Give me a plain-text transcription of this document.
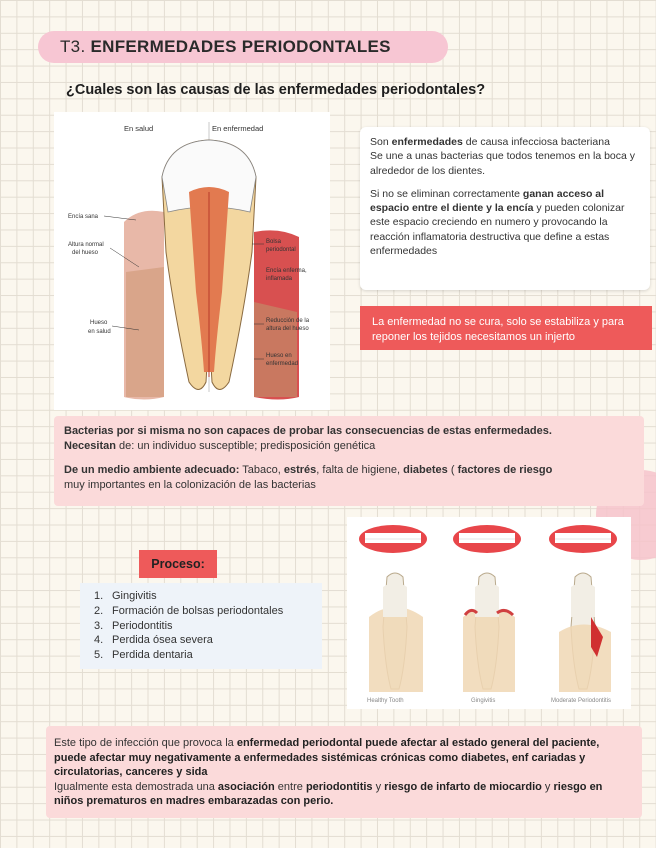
T3.
ENFERMEDADES PERIODONTALES
¿Cuales son las causas de las enfermedades periodontales?
En salud	En enfermedad
Encía sana
Altura normal
del hueso
Hueso
en salud
Bolsa
periodontal
Encía enferma,
inflamada
Reducción de la
altura del hueso
Hueso en
enfermedad

Son enfermedades de causa infecciosa bacteriana
Se une a unas bacterias que todos tenemos en la boca y alrededor de los dientes.

Si no se eliminan correctamente ganan acceso al espacio entre el diente y la encía y pueden colonizar este espacio creciendo en numero y provocando la reacción inflamatoria destructiva que define a estas enfermedades

La enfermedad no se cura, solo se estabiliza y para reponer los tejidos necesitamos un injerto

Bacterias por si misma no son capaces de probar las consecuencias de estas enfermedades.
Necesitan de: un individuo susceptible; predisposición genética

De un medio ambiente adecuado: Tabaco, estrés, falta de higiene, diabetes ( factores de riesgo
muy importantes en la colonización de las bacterias

Healthy Tooth	Gingivitis	Moderate Periodontitis
Proceso:
1. Gingivitis
2. Formación de bolsas periodontales
3. Periodontitis
4. Perdida ósea severa
5. Perdida dentaria
Este tipo de infección que provoca la enfermedad periodontal puede afectar al estado general del paciente, puede afectar muy negativamente a enfermedades sistémicas crónicas como diabetes, enf cariadas y circulatorias, canceres y sida
Igualmente esta demostrada una asociación entre periodontitis y riesgo de infarto de miocardio y riesgo en niños prematuros en madres embarazadas con perio.
